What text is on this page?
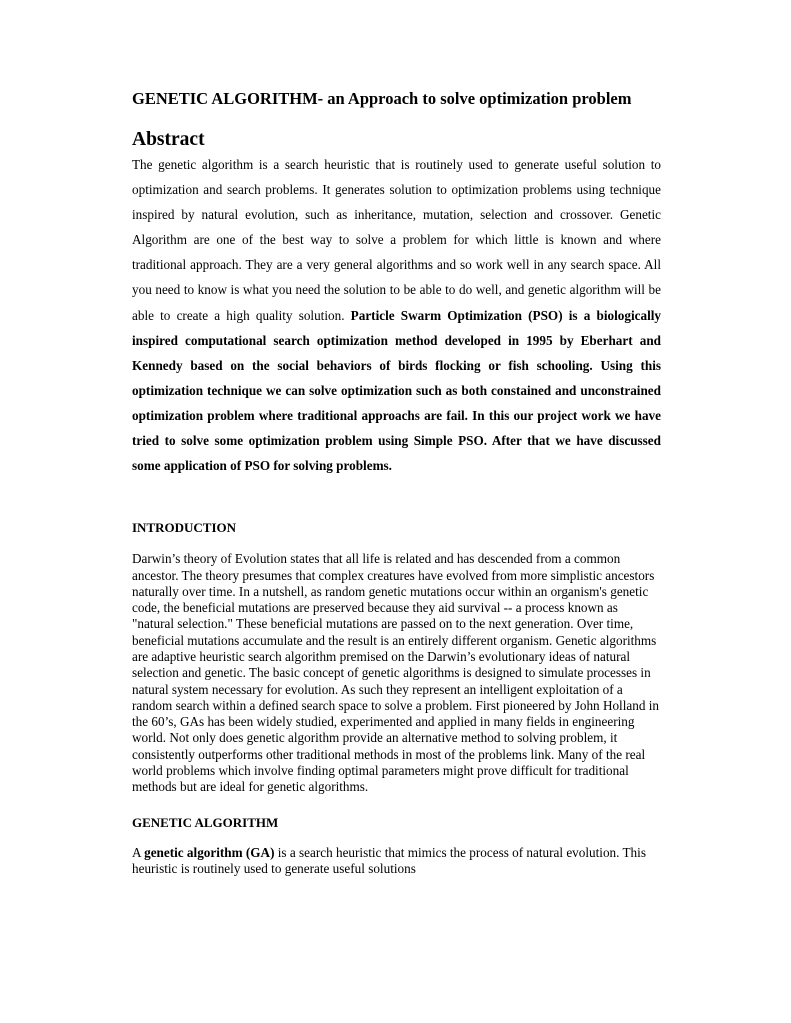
GENETIC ALGORITHM- an Approach to solve optimization problem
Abstract

The genetic algorithm is a search heuristic that is routinely used to generate useful solution to optimization and search problems. It generates solution to optimization problems using technique inspired by natural evolution, such as inheritance, mutation, selection and crossover. Genetic Algorithm are one of the best way to solve a problem for which little is known and where traditional approach. They are a very general algorithms and so work well in any search space. All you need to know is what you need the solution to be able to do well, and genetic algorithm will be able to create a high quality solution. Particle Swarm Optimization (PSO) is a biologically inspired computational search optimization method developed in 1995 by Eberhart and Kennedy based on the social behaviors of birds flocking or fish schooling. Using this optimization technique we can solve optimization such as both constained and unconstrained optimization problem where traditional approachs are fail. In this our project work we have tried to solve some optimization problem using Simple PSO. After that we have discussed some application of PSO for solving problems.

INTRODUCTION

Darwin’s theory of Evolution states that all life is related and has descended from a common ancestor. The theory presumes that complex creatures have evolved from more simplistic ancestors naturally over time. In a nutshell, as random genetic mutations occur within an organism's genetic code, the beneficial mutations are preserved because they aid survival -- a process known as "natural selection." These beneficial mutations are passed on to the next generation. Over time, beneficial mutations accumulate and the result is an entirely different organism. Genetic algorithms are adaptive heuristic search algorithm premised on the Darwin’s evolutionary ideas of natural selection and genetic. The basic concept of genetic algorithms is designed to simulate processes in natural system necessary for evolution. As such they represent an intelligent exploitation of a random search within a defined search space to solve a problem. First pioneered by John Holland in the 60’s, GAs has been widely studied, experimented and applied in many fields in engineering world. Not only does genetic algorithm provide an alternative method to solving problem, it consistently outperforms other traditional methods in most of the problems link. Many of the real world problems which involve finding optimal parameters might prove difficult for traditional methods but are ideal for genetic algorithms.

GENETIC ALGORITHM

A genetic algorithm (GA) is a search heuristic that mimics the process of natural evolution. This heuristic is routinely used to generate useful solutions
